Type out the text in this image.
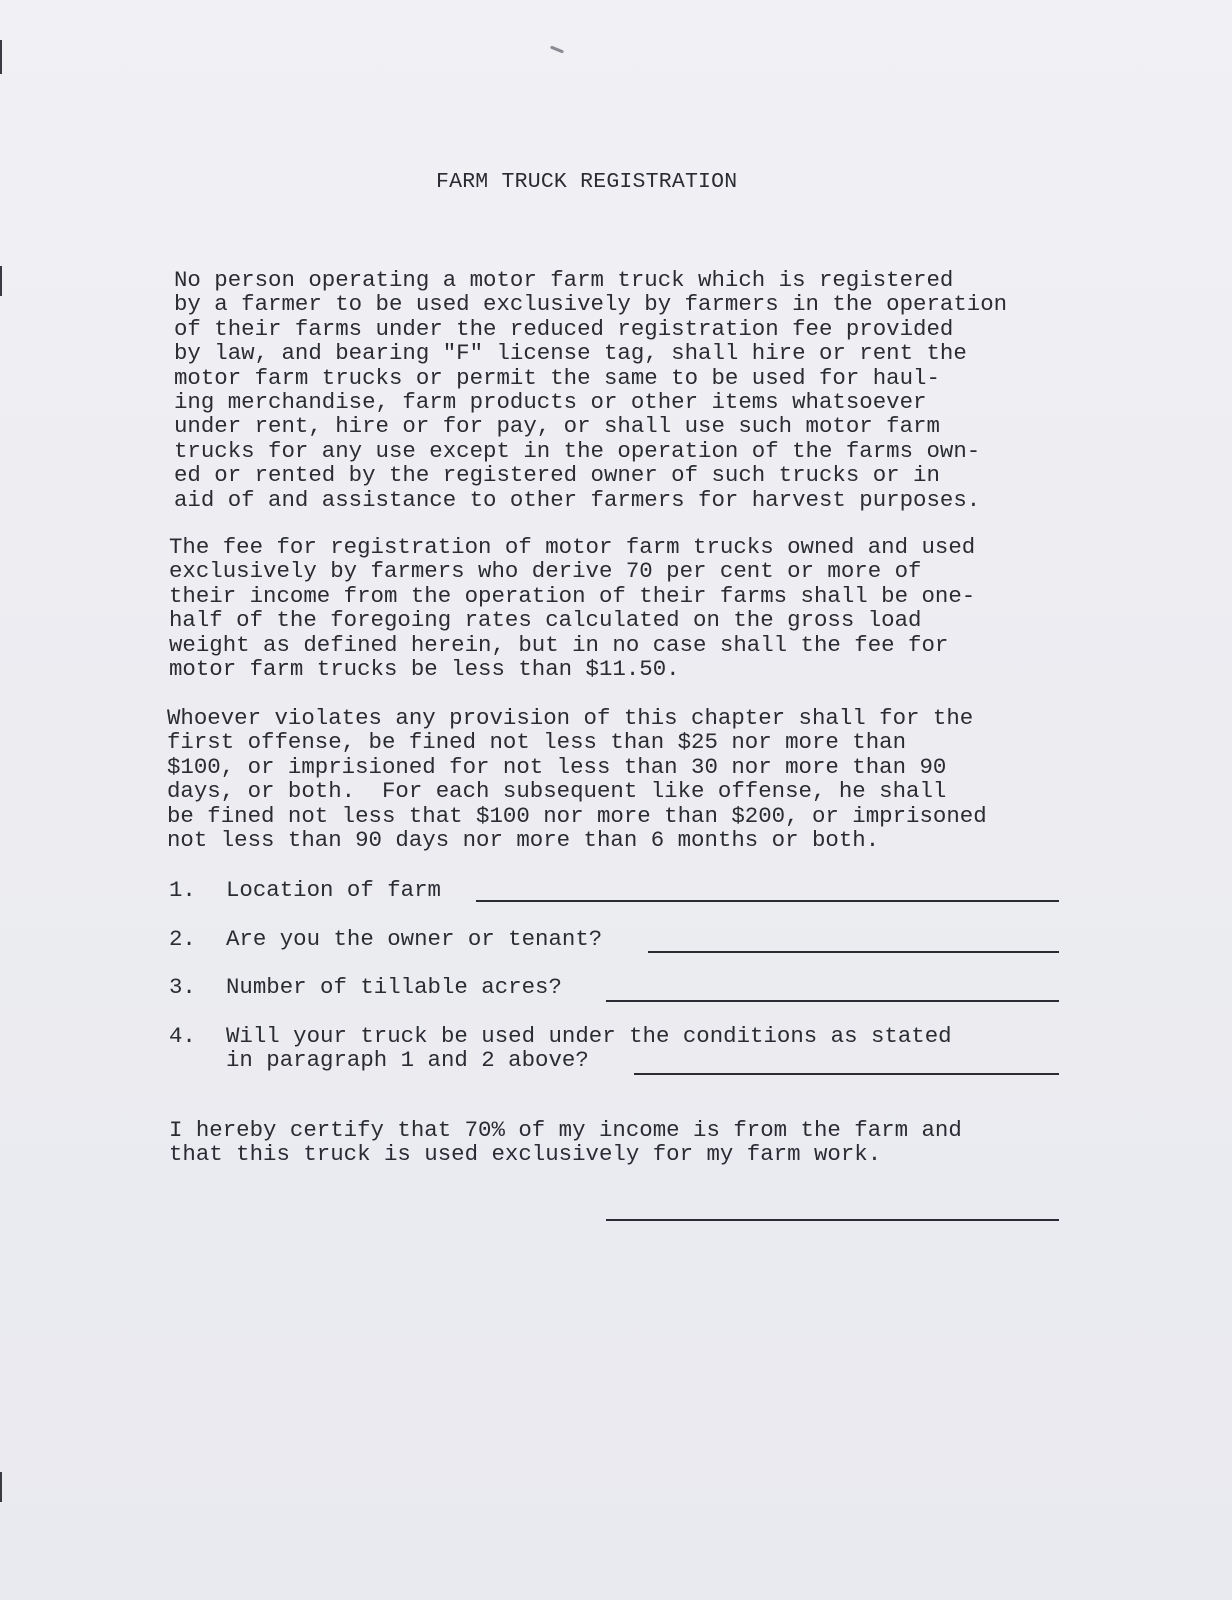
FARM TRUCK REGISTRATION

No person operating a motor farm truck which is registered
by a farmer to be used exclusively by farmers in the operation
of their farms under the reduced registration fee provided
by law, and bearing "F" license tag, shall hire or rent the
motor farm trucks or permit the same to be used for haul-
ing merchandise, farm products or other items whatsoever
under rent, hire or for pay, or shall use such motor farm
trucks for any use except in the operation of the farms own-
ed or rented by the registered owner of such trucks or in
aid of and assistance to other farmers for harvest purposes.

The fee for registration of motor farm trucks owned and used
exclusively by farmers who derive 70 per cent or more of
their income from the operation of their farms shall be one-
half of the foregoing rates calculated on the gross load
weight as defined herein, but in no case shall the fee for
motor farm trucks be less than $11.50.

Whoever violates any provision of this chapter shall for the
first offense, be fined not less than $25 nor more than
$100, or imprisioned for not less than 30 nor more than 90
days, or both.  For each subsequent like offense, he shall
be fined not less that $100 nor more than $200, or imprisoned
not less than 90 days nor more than 6 months or both.

1.

Location of farm

2.

Are you the owner or tenant?

3.

Number of tillable acres?

4.

Will your truck be used under the conditions as stated
in paragraph 1 and 2 above?

I hereby certify that 70% of my income is from the farm and
that this truck is used exclusively for my farm work.
